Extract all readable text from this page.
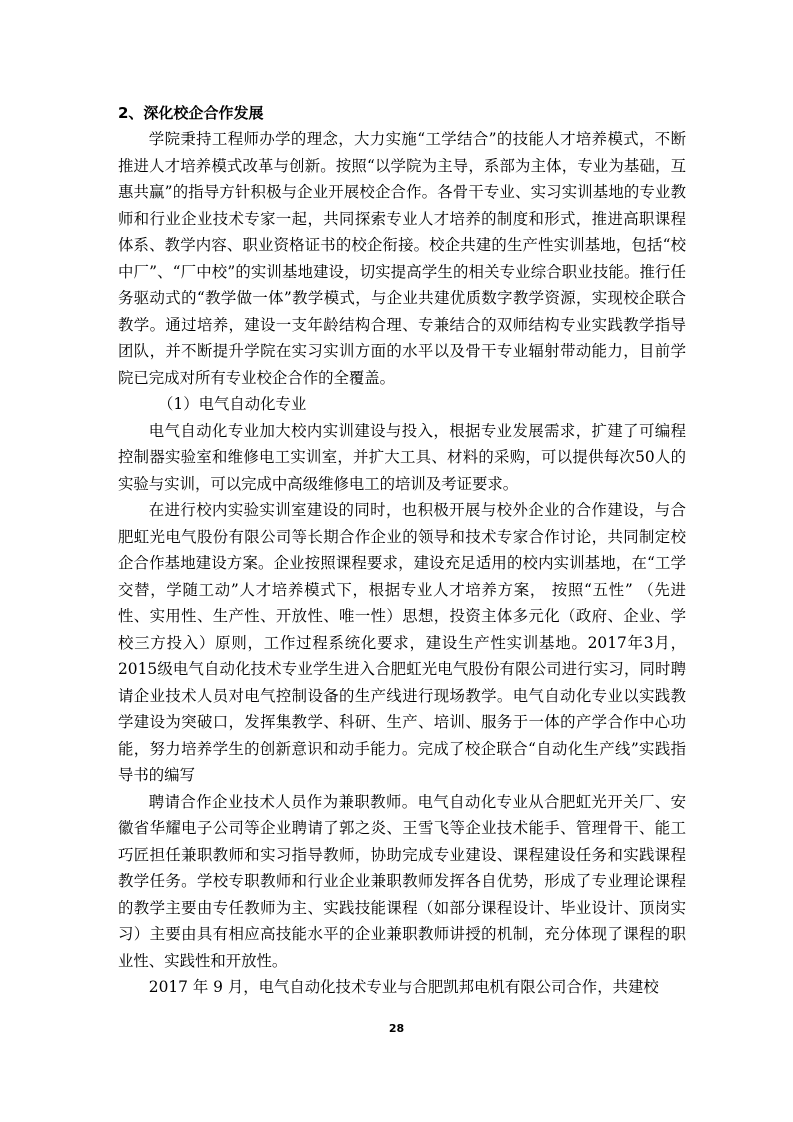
2、深化校企合作发展

学院秉持工程师办学的理念，大力实施“工学结合”的技能人才培养模式，不断推进人才培养模式改革与创新。按照“以学院为主导，系部为主体，专业为基础，互惠共赢”的指导方针积极与企业开展校企合作。各骨干专业、实习实训基地的专业教师和行业企业技术专家一起，共同探索专业人才培养的制度和形式，推进高职课程体系、教学内容、职业资格证书的校企衔接。校企共建的生产性实训基地，包括“校中厂”、“厂中校”的实训基地建设，切实提高学生的相关专业综合职业技能。推行任务驱动式的“教学做一体”教学模式，与企业共建优质数字教学资源，实现校企联合教学。通过培养，建设一支年龄结构合理、专兼结合的双师结构专业实践教学指导团队，并不断提升学院在实习实训方面的水平以及骨干专业辐射带动能力，目前学院已完成对所有专业校企合作的全覆盖。

（1）电气自动化专业

电气自动化专业加大校内实训建设与投入，根据专业发展需求，扩建了可编程控制器实验室和维修电工实训室，并扩大工具、材料的采购，可以提供每次50人的实验与实训，可以完成中高级维修电工的培训及考证要求。

在进行校内实验实训室建设的同时，也积极开展与校外企业的合作建设，与合肥虹光电气股份有限公司等长期合作企业的领导和技术专家合作讨论，共同制定校企合作基地建设方案。企业按照课程要求，建设充足适用的校内实训基地，在“工学交替，学随工动”人才培养模式下，根据专业人才培养方案， 按照“五性” （先进性、实用性、生产性、开放性、唯一性）思想，投资主体多元化（政府、企业、学校三方投入）原则，工作过程系统化要求，建设生产性实训基地。2017年3月，2015级电气自动化技术专业学生进入合肥虹光电气股份有限公司进行实习，同时聘请企业技术人员对电气控制设备的生产线进行现场教学。电气自动化专业以实践教学建设为突破口，发挥集教学、科研、生产、培训、服务于一体的产学合作中心功能，努力培养学生的创新意识和动手能力。完成了校企联合“自动化生产线”实践指导书的编写

聘请合作企业技术人员作为兼职教师。电气自动化专业从合肥虹光开关厂、安徽省华耀电子公司等企业聘请了郭之炎、王雪飞等企业技术能手、管理骨干、能工巧匠担任兼职教师和实习指导教师，协助完成专业建设、课程建设任务和实践课程教学任务。学校专职教师和行业企业兼职教师发挥各自优势，形成了专业理论课程的教学主要由专任教师为主、实践技能课程（如部分课程设计、毕业设计、顶岗实习）主要由具有相应高技能水平的企业兼职教师讲授的机制，充分体现了课程的职业性、实践性和开放性。

2017 年 9 月，电气自动化技术专业与合肥凯邦电机有限公司合作，共建校

28
